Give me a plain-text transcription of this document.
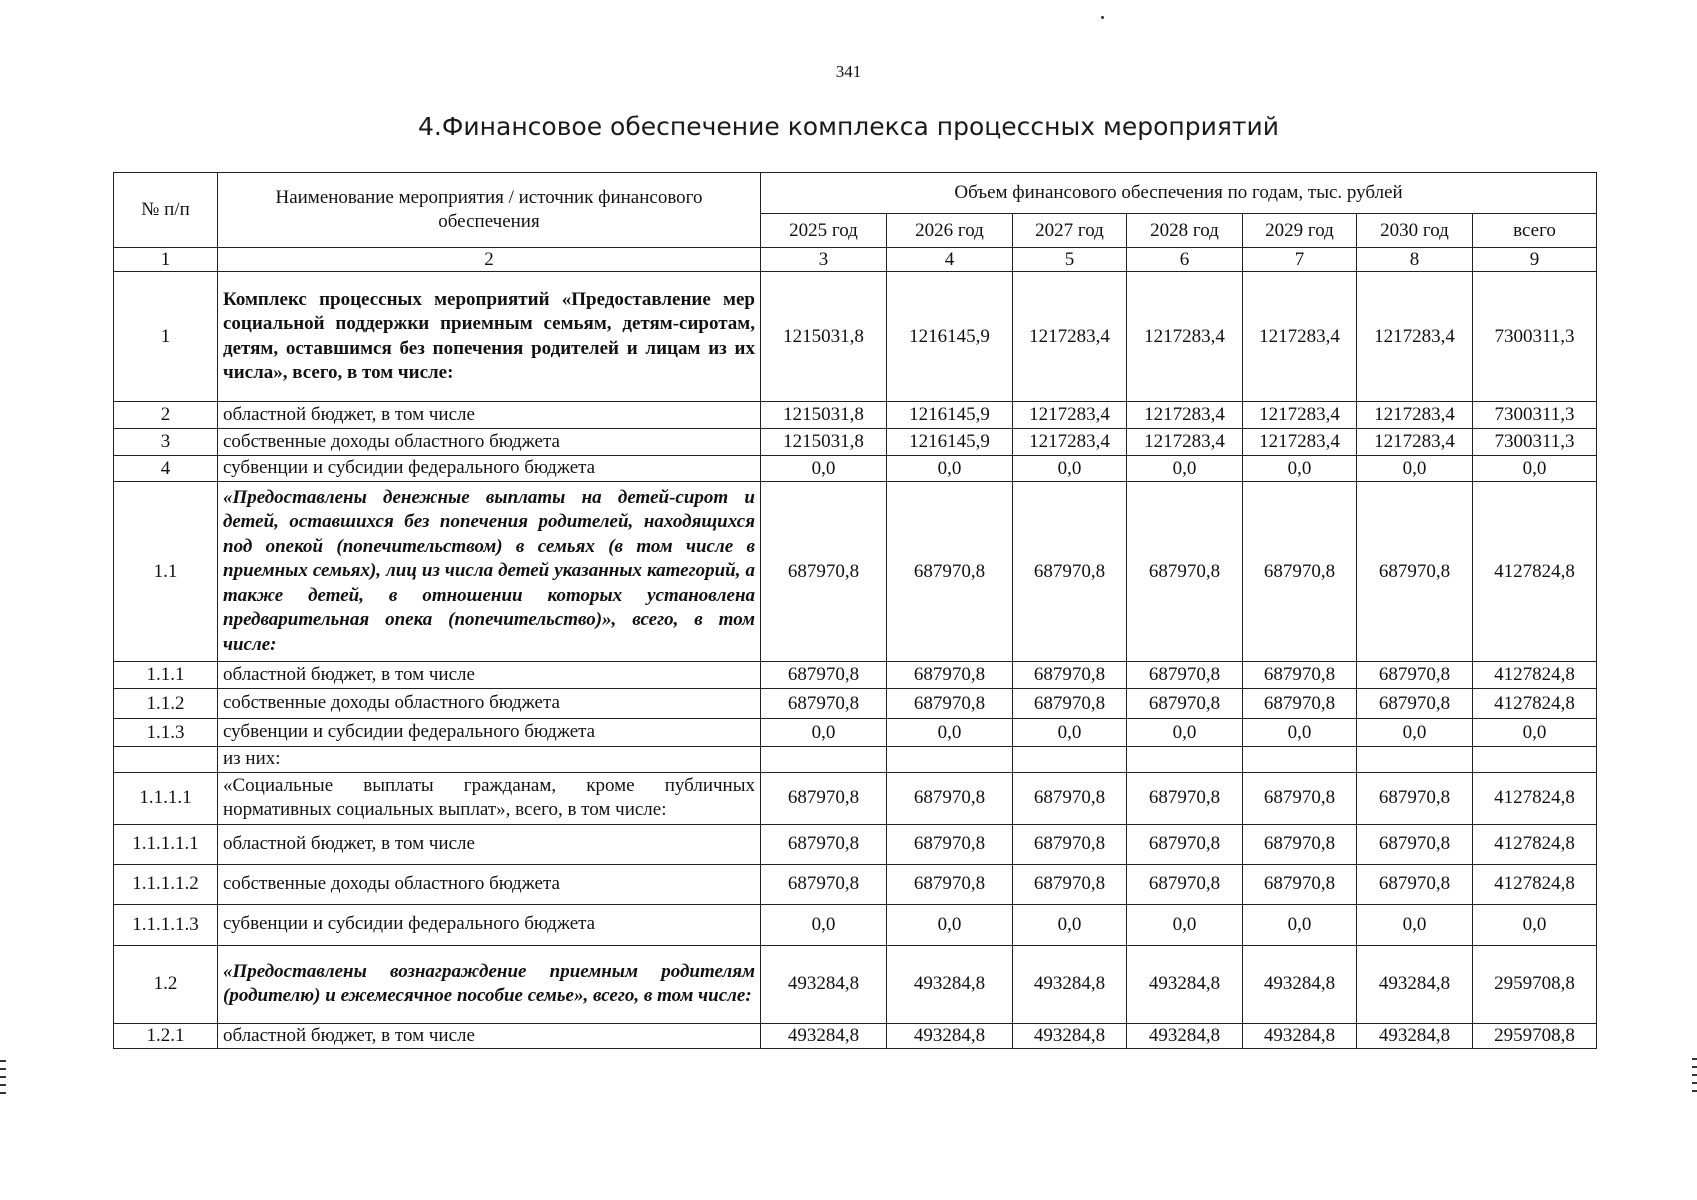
341
4.Финансовое обеспечение комплекса процессных мероприятий
№ п/п	Наименование мероприятия / источник финансового обеспечения	Объем финансового обеспечения по годам, тыс. рублей						
		2025 год	2026 год	2027 год	2028 год	2029 год	2030 год	всего
1	2	3	4	5	6	7	8	9
1	Комплекс процессных мероприятий «Предоставление мер социальной поддержки приемным семьям, детям-сиротам, детям, оставшимся без попечения родителей и лицам из их числа», всего, в том числе:	1215031,8	1216145,9	1217283,4	1217283,4	1217283,4	1217283,4	7300311,3
2	областной бюджет, в том числе	1215031,8	1216145,9	1217283,4	1217283,4	1217283,4	1217283,4	7300311,3
3	собственные доходы областного бюджета	1215031,8	1216145,9	1217283,4	1217283,4	1217283,4	1217283,4	7300311,3
4	субвенции и субсидии федерального бюджета	0,0	0,0	0,0	0,0	0,0	0,0	0,0
1.1	«Предоставлены денежные выплаты на детей-сирот и детей, оставшихся без попечения родителей, находящихся под опекой (попечительством) в семьях (в том числе в приемных семьях), лиц из числа детей указанных категорий, а также детей, в отношении которых установлена предварительная опека (попечительство)», всего, в том числе:	687970,8	687970,8	687970,8	687970,8	687970,8	687970,8	4127824,8
1.1.1	областной бюджет, в том числе	687970,8	687970,8	687970,8	687970,8	687970,8	687970,8	4127824,8
1.1.2	собственные доходы областного бюджета	687970,8	687970,8	687970,8	687970,8	687970,8	687970,8	4127824,8
1.1.3	субвенции и субсидии федерального бюджета	0,0	0,0	0,0	0,0	0,0	0,0	0,0
	из них:							
1.1.1.1	«Социальные выплаты гражданам, кроме публичных нормативных социальных выплат», всего, в том числе:	687970,8	687970,8	687970,8	687970,8	687970,8	687970,8	4127824,8
1.1.1.1.1	областной бюджет, в том числе	687970,8	687970,8	687970,8	687970,8	687970,8	687970,8	4127824,8
1.1.1.1.2	собственные доходы областного бюджета	687970,8	687970,8	687970,8	687970,8	687970,8	687970,8	4127824,8
1.1.1.1.3	субвенции и субсидии федерального бюджета	0,0	0,0	0,0	0,0	0,0	0,0	0,0
1.2	«Предоставлены вознаграждение приемным родителям (родителю) и ежемесячное пособие семье», всего, в том числе:	493284,8	493284,8	493284,8	493284,8	493284,8	493284,8	2959708,8
1.2.1	областной бюджет, в том числе	493284,8	493284,8	493284,8	493284,8	493284,8	493284,8	2959708,8
